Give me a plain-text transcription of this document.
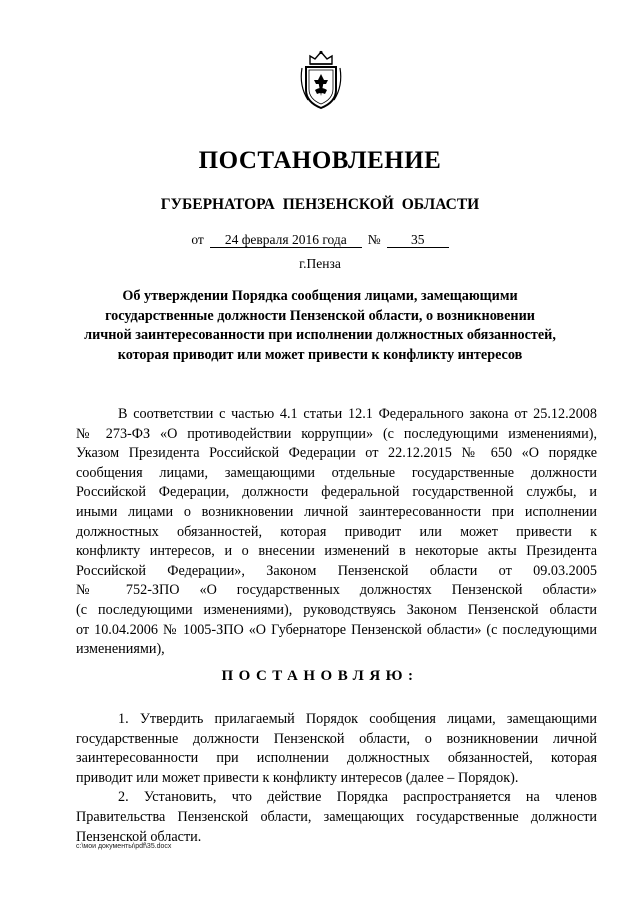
ПОСТАНОВЛЕНИЕ
ГУБЕРНАТОРА ПЕНЗЕНСКОЙ ОБЛАСТИ
от 24 февраля 2016 года № 35
г.Пенза
Об утверждении Порядка сообщения лицами, замещающими
государственные должности Пензенской области, о возникновении
личной заинтересованности при исполнении должностных обязанностей,
которая приводит или может привести к конфликту интересов
В соответствии с частью 4.1 статьи 12.1 Федерального закона от 25.12.2008
№ 273-ФЗ «О противодействии коррупции» (с последующими изменениями),
Указом Президента Российской Федерации от 22.12.2015 № 650 «О порядке
сообщения лицами, замещающими отдельные государственные должности
Российской Федерации, должности федеральной государственной службы, и
иными лицами о возникновении личной заинтересованности при исполнении
должностных обязанностей, которая приводит или может привести к
конфликту интересов, и о внесении изменений в некоторые акты Президента
Российской Федерации», Законом Пензенской области от 09.03.2005
№ 752-ЗПО «О государственных должностях Пензенской области»
(с последующими изменениями), руководствуясь Законом Пензенской области
от 10.04.2006 № 1005-ЗПО «О Губернаторе Пензенской области» (с последующими
изменениями),
ПОСТАНОВЛЯЮ:
1. Утвердить прилагаемый Порядок сообщения лицами, замещающими
государственные должности Пензенской области, о возникновении личной
заинтересованности при исполнении должностных обязанностей, которая
приводит или может привести к конфликту интересов (далее – Порядок).
2. Установить, что действие Порядка распространяется на членов
Правительства Пензенской области, замещающих государственные должности
Пензенской области.
c:\мои документы\pdf\35.docx
